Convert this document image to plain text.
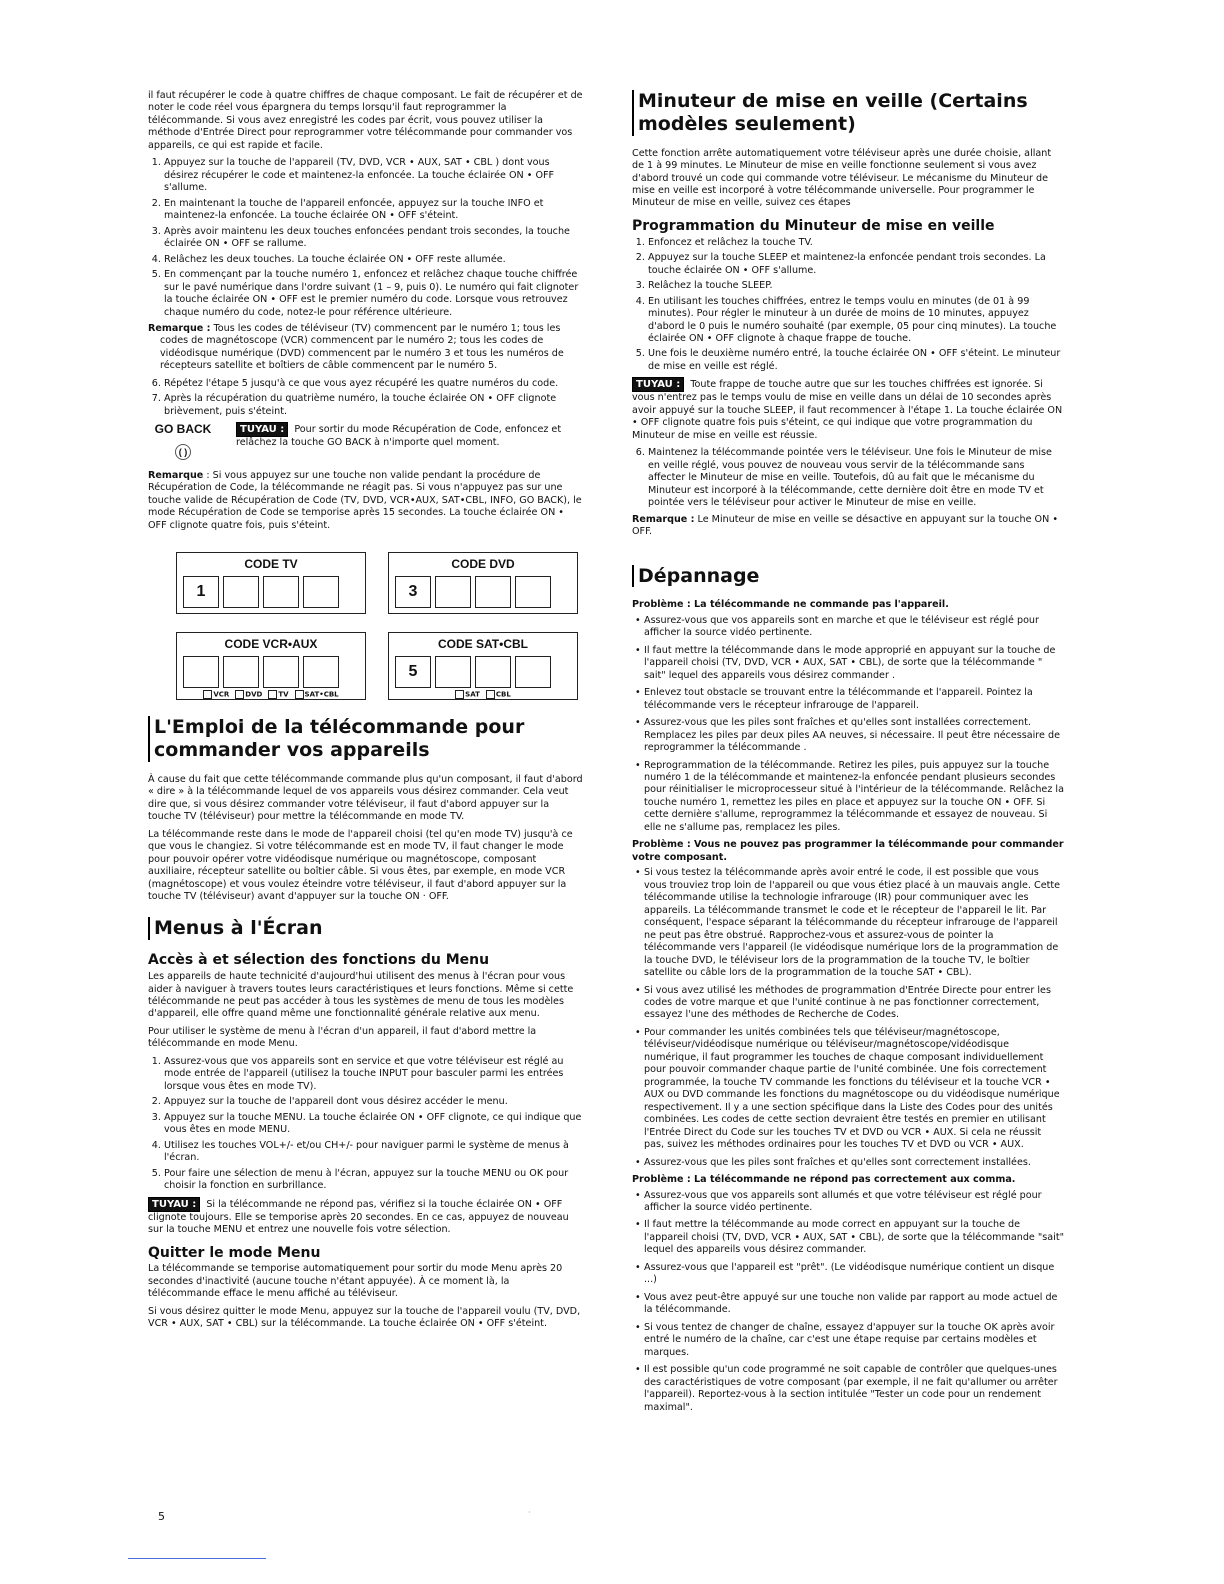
il faut récupérer le code à quatre chiffres de chaque composant. Le fait de récupérer et de noter le code réel vous épargnera du temps lorsqu'il faut reprogrammer la télécommande. Si vous avez enregistré les codes par écrit, vous pouvez utiliser la méthode d'Entrée Direct pour reprogrammer votre télécommande pour commander vos appareils, ce qui est rapide et facile.

1. Appuyez sur la touche de l'appareil (TV, DVD, VCR • AUX, SAT • CBL ) dont vous désirez récupérer le code et maintenez-la enfoncée. La touche éclairée ON • OFF s'allume.
2. En maintenant la touche de l'appareil enfoncée, appuyez sur la touche INFO et maintenez-la enfoncée. La touche éclairée ON • OFF s'éteint.
3. Après avoir maintenu les deux touches enfoncées pendant trois secondes, la touche éclairée ON • OFF se rallume.
4. Relâchez les deux touches. La touche éclairée ON • OFF reste allumée.
5. En commençant par la touche numéro 1, enfoncez et relâchez chaque touche chiffrée sur le pavé numérique dans l'ordre suivant (1 – 9, puis 0). Le numéro qui fait clignoter la touche éclairée ON • OFF est le premier numéro du code. Lorsque vous retrouvez chaque numéro du code, notez-le pour référence ultérieure.

Remarque : Tous les codes de téléviseur (TV) commencent par le numéro 1; tous les codes de magnétoscope (VCR) commencent par le numéro 2; tous les codes de vidéodisque numérique (DVD) commencent par le numéro 3 et tous les numéros de récepteurs satellite et boîtiers de câble commencent par le numéro 5.

6. Répétez l'étape 5 jusqu'à ce que vous ayez récupéré les quatre numéros du code.
7. Après la récupération du quatrième numéro, la touche éclairée ON • OFF clignote brièvement, puis s'éteint.
GO BACK
( )
TUYAU : Pour sortir du mode Récupération de Code, enfoncez et relâchez la touche GO BACK à n'importe quel moment.

Remarque : Si vous appuyez sur une touche non valide pendant la procédure de Récupération de Code, la télécommande ne réagit pas. Si vous n'appuyez pas sur une touche valide de Récupération de Code (TV, DVD, VCR•AUX, SAT•CBL, INFO, GO BACK), le mode Récupération de Code se temporise après 15 secondes. La touche éclairée ON • OFF clignote quatre fois, puis s'éteint.

CODE TV
1
CODE DVD
3
CODE VCR•AUX
VCR	DVD	TV	SAT•CBL
CODE SAT•CBL
5
SAT	CBL
L'Emploi de la télécommande pour commander vos appareils

À cause du fait que cette télécommande commande plus qu'un composant, il faut d'abord « dire » à la télécommande lequel de vos appareils vous désirez commander. Cela veut dire que, si vous désirez commander votre téléviseur, il faut d'abord appuyer sur la touche TV (téléviseur) pour mettre la télécommande en mode TV.

La télécommande reste dans le mode de l'appareil choisi (tel qu'en mode TV) jusqu'à ce que vous le changiez. Si votre télécommande est en mode TV, il faut changer le mode pour pouvoir opérer votre vidéodisque numérique ou magnétoscope, composant auxiliaire, récepteur satellite ou boîtier câble. Si vous êtes, par exemple, en mode VCR (magnétoscope) et vous voulez éteindre votre téléviseur, il faut d'abord appuyer sur la touche TV (téléviseur) avant d'appuyer sur la touche ON · OFF.

Menus à l'Écran
Accès à et sélection des fonctions du Menu

Les appareils de haute technicité d'aujourd'hui utilisent des menus à l'écran pour vous aider à naviguer à travers toutes leurs caractéristiques et leurs fonctions. Même si cette télécommande ne peut pas accéder à tous les systèmes de menu de tous les modèles d'appareil, elle offre quand même une fonctionnalité générale relative aux menu.

Pour utiliser le système de menu à l'écran d'un appareil, il faut d'abord mettre la télécommande en mode Menu.

1. Assurez-vous que vos appareils sont en service et que votre téléviseur est réglé au mode entrée de l'appareil (utilisez la touche INPUT pour basculer parmi les entrées lorsque vous êtes en mode TV).
2. Appuyez sur la touche de l'appareil dont vous désirez accéder le menu.
3. Appuyez sur la touche MENU. La touche éclairée ON • OFF clignote, ce qui indique que vous êtes en mode MENU.
4. Utilisez les touches VOL+/- et/ou CH+/- pour naviguer parmi le système de menus à l'écran.
5. Pour faire une sélection de menu à l'écran, appuyez sur la touche MENU ou OK pour choisir la fonction en surbrillance.

TUYAU : Si la télécommande ne répond pas, vérifiez si la touche éclairée ON • OFF clignote toujours. Elle se temporise après 20 secondes. En ce cas, appuyez de nouveau sur la touche MENU et entrez une nouvelle fois votre sélection.

Quitter le mode Menu

La télécommande se temporise automatiquement pour sortir du mode Menu après 20 secondes d'inactivité (aucune touche n'étant appuyée). À ce moment là, la télécommande efface le menu affiché au téléviseur.

Si vous désirez quitter le mode Menu, appuyez sur la touche de l'appareil voulu (TV, DVD, VCR • AUX, SAT • CBL) sur la télécommande. La touche éclairée ON • OFF s'éteint.

Minuteur de mise en veille (Certains modèles seulement)

Cette fonction arrête automatiquement votre téléviseur après une durée choisie, allant de 1 à 99 minutes. Le Minuteur de mise en veille fonctionne seulement si vous avez d'abord trouvé un code qui commande votre téléviseur. Le mécanisme du Minuteur de mise en veille est incorporé à votre télécommande universelle. Pour programmer le Minuteur de mise en veille, suivez ces étapes

Programmation du Minuteur de mise en veille
1. Enfoncez et relâchez la touche TV.
2. Appuyez sur la touche SLEEP et maintenez-la enfoncée pendant trois secondes. La touche éclairée ON • OFF s'allume.
3. Relâchez la touche SLEEP.
4. En utilisant les touches chiffrées, entrez le temps voulu en minutes (de 01 à 99 minutes). Pour régler le minuteur à un durée de moins de 10 minutes, appuyez d'abord le 0 puis le numéro souhaité (par exemple, 05 pour cinq minutes). La touche éclairée ON • OFF clignote à chaque frappe de touche.
5. Une fois le deuxième numéro entré, la touche éclairée ON • OFF s'éteint. Le minuteur de mise en veille est réglé.

TUYAU : Toute frappe de touche autre que sur les touches chiffrées est ignorée. Si vous n'entrez pas le temps voulu de mise en veille dans un délai de 10 secondes après avoir appuyé sur la touche SLEEP, il faut recommencer à l'étape 1. La touche éclairée ON • OFF clignote quatre fois puis s'éteint, ce qui indique que votre programmation du Minuteur de mise en veille est réussie.

6. Maintenez la télécommande pointée vers le téléviseur. Une fois le Minuteur de mise en veille réglé, vous pouvez de nouveau vous servir de la télécommande sans affecter le Minuteur de mise en veille. Toutefois, dû au fait que le mécanisme du Minuteur est incorporé à la télécommande, cette dernière doit être en mode TV et pointée vers le téléviseur pour activer le Minuteur de mise en veille.

Remarque : Le Minuteur de mise en veille se désactive en appuyant sur la touche ON • OFF.

Dépannage
Problème : La télécommande ne commande pas l'appareil.
• Assurez-vous que vos appareils sont en marche et que le téléviseur est réglé pour afficher la source vidéo pertinente.
• Il faut mettre la télécommande dans le mode approprié en appuyant sur la touche de l'appareil choisi (TV, DVD, VCR • AUX, SAT • CBL), de sorte que la télécommande " sait" lequel des appareils vous désirez commander .
• Enlevez tout obstacle se trouvant entre la télécommande et l'appareil. Pointez la télécommande vers le récepteur infrarouge de l'appareil.
• Assurez-vous que les piles sont fraîches et qu'elles sont installées correctement. Remplacez les piles par deux piles AA neuves, si nécessaire. Il peut être nécessaire de reprogrammer la télécommande .
• Reprogrammation de la télécommande. Retirez les piles, puis appuyez sur la touche numéro 1 de la télécommande et maintenez-la enfoncée pendant plusieurs secondes pour réinitialiser le microprocesseur situé à l'intérieur de la télécommande. Relâchez la touche numéro 1, remettez les piles en place et appuyez sur la touche ON • OFF. Si cette dernière s'allume, reprogrammez la télécommande et essayez de nouveau. Si elle ne s'allume pas, remplacez les piles.
Problème : Vous ne pouvez pas programmer la télécommande pour commander votre composant.
• Si vous testez la télécommande après avoir entré le code, il est possible que vous vous trouviez trop loin de l'appareil ou que vous étiez placé à un mauvais angle. Cette télécommande utilise la technologie infrarouge (IR) pour communiquer avec les appareils. La télécommande transmet le code et le récepteur de l'appareil le lit. Par conséquent, l'espace séparant la télécommande du récepteur infrarouge de l'appareil ne peut pas être obstrué. Rapprochez-vous et assurez-vous de pointer la télécommande vers l'appareil (le vidéodisque numérique lors de la programmation de la touche DVD, le téléviseur lors de la programmation de la touche TV, le boîtier satellite ou câble lors de la programmation de la touche SAT • CBL).
• Si vous avez utilisé les méthodes de programmation d'Entrée Directe pour entrer les codes de votre marque et que l'unité continue à ne pas fonctionner correctement, essayez l'une des méthodes de Recherche de Codes.
• Pour commander les unités combinées tels que téléviseur/magnétoscope, téléviseur/vidéodisque numérique ou téléviseur/magnétoscope/vidéodisque numérique, il faut programmer les touches de chaque composant individuellement pour pouvoir commander chaque partie de l'unité combinée. Une fois correctement programmée, la touche TV commande les fonctions du téléviseur et la touche VCR • AUX ou DVD commande les fonctions du magnétoscope ou du vidéodisque numérique respectivement. Il y a une section spécifique dans la Liste des Codes pour des unités combinées. Les codes de cette section devraient être testés en premier en utilisant l'Entrée Direct du Code sur les touches TV et DVD ou VCR • AUX. Si cela ne réussit pas, suivez les méthodes ordinaires pour les touches TV et DVD ou VCR • AUX.
• Assurez-vous que les piles sont fraîches et qu'elles sont correctement installées.
Problème : La télécommande ne répond pas correctement aux comma.
• Assurez-vous que vos appareils sont allumés et que votre téléviseur est réglé pour afficher la source vidéo pertinente.
• Il faut mettre la télécommande au mode correct en appuyant sur la touche de l'appareil choisi (TV, DVD, VCR • AUX, SAT • CBL), de sorte que la télécommande "sait" lequel des appareils vous désirez commander.
• Assurez-vous que l'appareil est "prêt". (Le vidéodisque numérique contient un disque ...)
• Vous avez peut-être appuyé sur une touche non valide par rapport au mode actuel de la télécommande.
• Si vous tentez de changer de chaîne, essayez d'appuyer sur la touche OK après avoir entré le numéro de la chaîne, car c'est une étape requise par certains modèles et marques.
• Il est possible qu'un code programmé ne soit capable de contrôler que quelques-unes des caractéristiques de votre composant (par exemple, il ne fait qu'allumer ou arrêter l'appareil). Reportez-vous à la section intitulée "Tester un code pour un rendement maximal".
5	·
